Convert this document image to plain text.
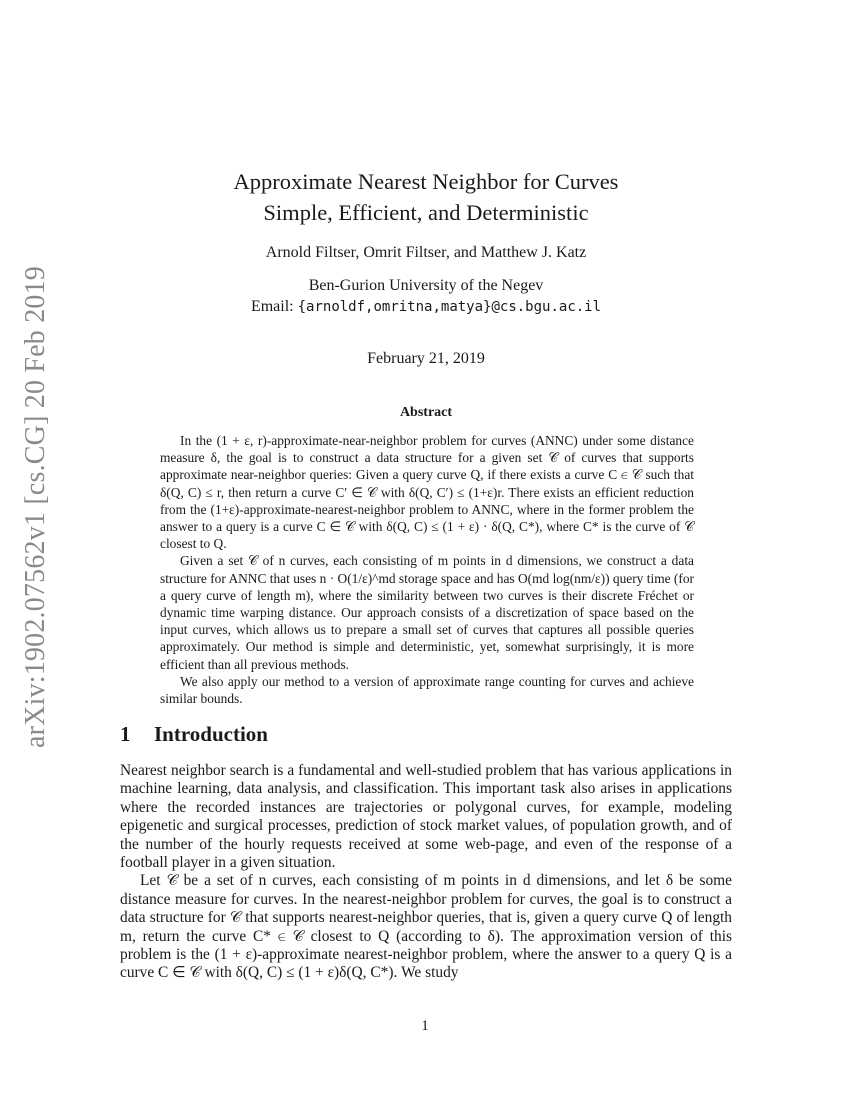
arXiv:1902.07562v1 [cs.CG] 20 Feb 2019
Approximate Nearest Neighbor for Curves
Simple, Efficient, and Deterministic
Arnold Filtser, Omrit Filtser, and Matthew J. Katz
Ben-Gurion University of the Negev
Email: {arnoldf,omritna,matya}@cs.bgu.ac.il
February 21, 2019
Abstract

In the (1 + ε, r)-approximate-near-neighbor problem for curves (ANNC) under some distance measure δ, the goal is to construct a data structure for a given set 𝒞 of curves that supports approximate near-neighbor queries: Given a query curve Q, if there exists a curve C ∈ 𝒞 such that δ(Q, C) ≤ r, then return a curve C′ ∈ 𝒞 with δ(Q, C′) ≤ (1+ε)r. There exists an efficient reduction from the (1+ε)-approximate-nearest-neighbor problem to ANNC, where in the former problem the answer to a query is a curve C ∈ 𝒞 with δ(Q, C) ≤ (1 + ε) · δ(Q, C*), where C* is the curve of 𝒞 closest to Q.

Given a set 𝒞 of n curves, each consisting of m points in d dimensions, we construct a data structure for ANNC that uses n · O(1/ε)^md storage space and has O(md log(nm/ε)) query time (for a query curve of length m), where the similarity between two curves is their discrete Fréchet or dynamic time warping distance. Our approach consists of a discretization of space based on the input curves, which allows us to prepare a small set of curves that captures all possible queries approximately. Our method is simple and deterministic, yet, somewhat surprisingly, it is more efficient than all previous methods.

We also apply our method to a version of approximate range counting for curves and achieve similar bounds.

1 Introduction

Nearest neighbor search is a fundamental and well-studied problem that has various applications in machine learning, data analysis, and classification. This important task also arises in applications where the recorded instances are trajectories or polygonal curves, for example, modeling epigenetic and surgical processes, prediction of stock market values, of population growth, and of the number of the hourly requests received at some web-page, and even of the response of a football player in a given situation.

Let 𝒞 be a set of n curves, each consisting of m points in d dimensions, and let δ be some distance measure for curves. In the nearest-neighbor problem for curves, the goal is to construct a data structure for 𝒞 that supports nearest-neighbor queries, that is, given a query curve Q of length m, return the curve C* ∈ 𝒞 closest to Q (according to δ). The approximation version of this problem is the (1 + ε)-approximate nearest-neighbor problem, where the answer to a query Q is a curve C ∈ 𝒞 with δ(Q, C) ≤ (1 + ε)δ(Q, C*). We study

1
